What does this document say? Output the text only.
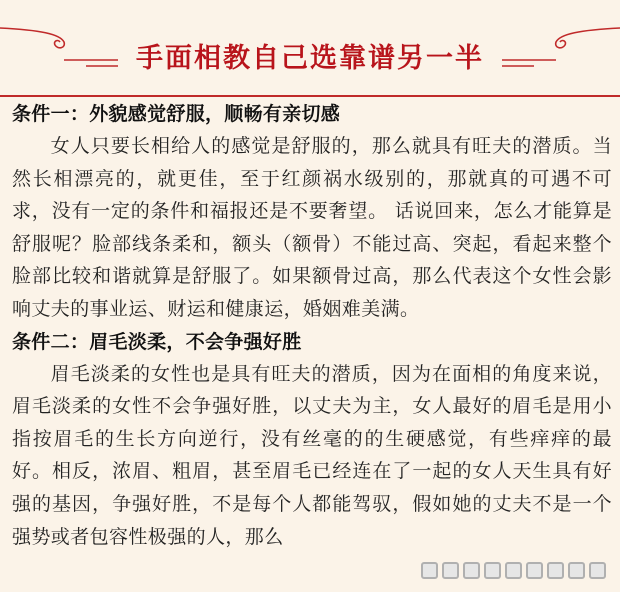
手面相教自己选靠谱另一半
条件一：外貌感觉舒服，顺畅有亲切感

女人只要长相给人的感觉是舒服的，那么就具有旺夫的潜质。当然长相漂亮的，就更佳，至于红颜祸水级别的，那就真的可遇不可求，没有一定的条件和福报还是不要奢望。 话说回来，怎么才能算是舒服呢？脸部线条柔和，额头（额骨）不能过高、突起，看起来整个脸部比较和谐就算是舒服了。如果额骨过高，那么代表这个女性会影响丈夫的事业运、财运和健康运，婚姻难美满。

条件二：眉毛淡柔，不会争强好胜

眉毛淡柔的女性也是具有旺夫的潜质，因为在面相的角度来说，眉毛淡柔的女性不会争强好胜，以丈夫为主，女人最好的眉毛是用小指按眉毛的生长方向逆行，没有丝毫的的生硬感觉，有些痒痒的最好。相反，浓眉、粗眉，甚至眉毛已经连在了一起的女人天生具有好强的基因，争强好胜，不是每个人都能驾驭，假如她的丈夫不是一个强势或者包容性极强的人，那么
